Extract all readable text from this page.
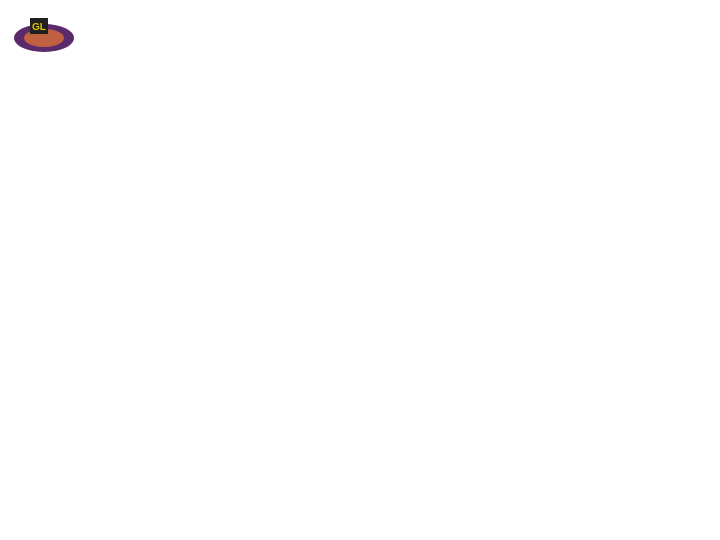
GL
